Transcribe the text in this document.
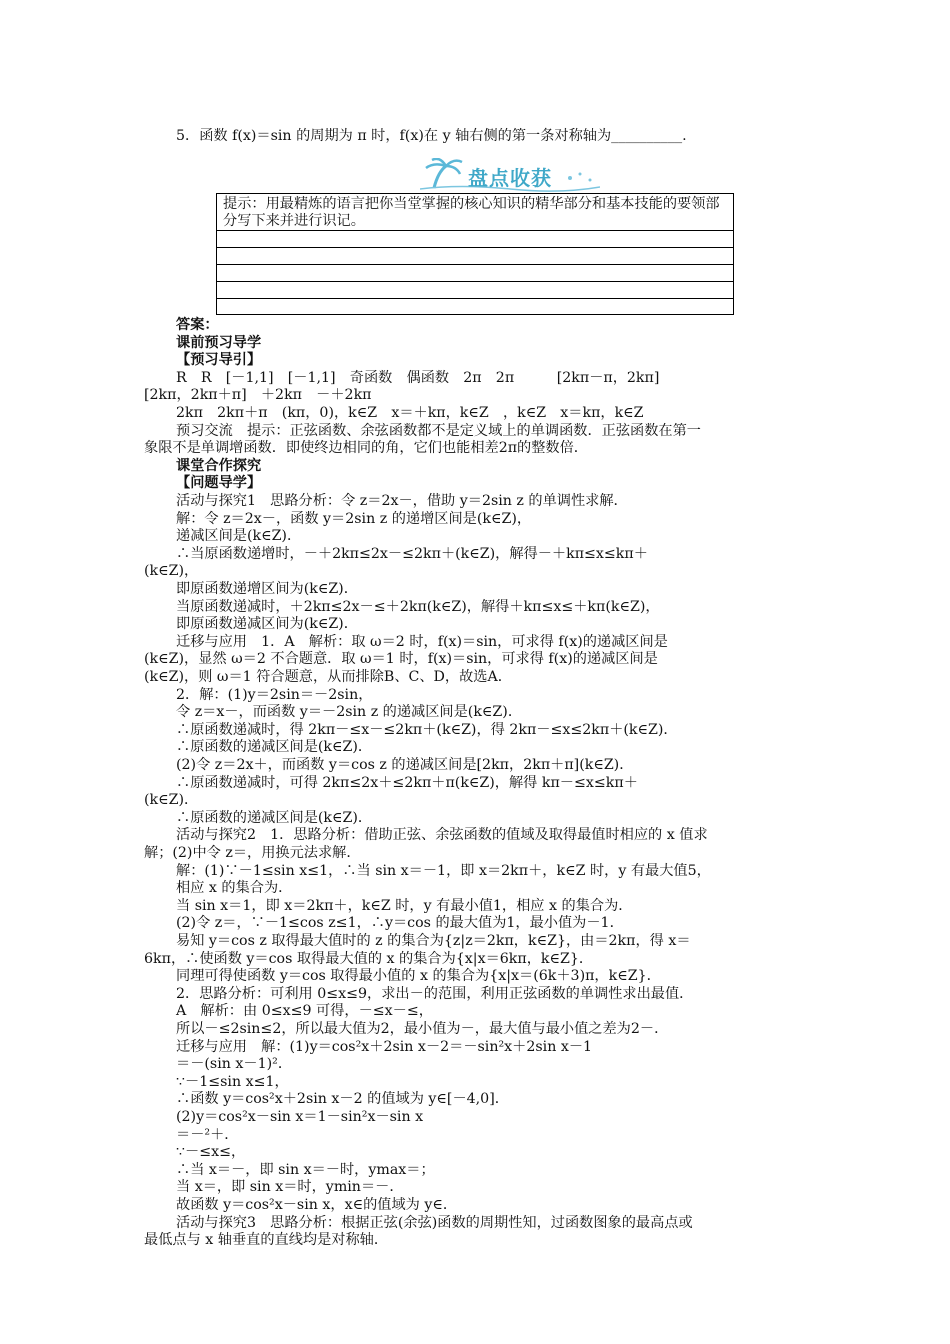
5．函数 f(x)＝sin 的周期为 π 时，f(x)在 y 轴右侧的第一条对称轴为__________.
盘点收获
提示：用最精炼的语言把你当堂掌握的核心知识的精华部分和基本技能的要领部分写下来并进行识记。
答案：
课前预习导学
【预习导引】
R　R　[－1,1]　[－1,1]　奇函数　偶函数　2π　2π　　　[2kπ－π，2kπ]
[2kπ，2kπ＋π]　＋2kπ　－＋2kπ
2kπ　2kπ＋π　(kπ，0)，k∈Z　x＝＋kπ，k∈Z　，k∈Z　x＝kπ，k∈Z
预习交流　提示：正弦函数、余弦函数都不是定义域上的单调函数．正弦函数在第一
象限不是单调增函数．即使终边相同的角，它们也能相差2π的整数倍．
课堂合作探究
【问题导学】
活动与探究1　思路分析：令 z＝2x－，借助 y＝2sin z 的单调性求解．
解：令 z＝2x－，函数 y＝2sin z 的递增区间是(k∈Z)，
递减区间是(k∈Z)．
∴当原函数递增时，－＋2kπ≤2x－≤2kπ＋(k∈Z)，解得－＋kπ≤x≤kπ＋
(k∈Z)，
即原函数递增区间为(k∈Z)．
当原函数递减时，＋2kπ≤2x－≤＋2kπ(k∈Z)，解得＋kπ≤x≤＋kπ(k∈Z)，
即原函数递减区间为(k∈Z)．
迁移与应用　1．A　解析：取 ω＝2 时，f(x)＝sin，可求得 f(x)的递减区间是
(k∈Z)，显然 ω＝2 不合题意．取 ω＝1 时，f(x)＝sin，可求得 f(x)的递减区间是
(k∈Z)，则 ω＝1 符合题意，从而排除B、C、D，故选A．
2．解：(1)y＝2sin＝－2sin，
令 z＝x－，而函数 y＝－2sin z 的递减区间是(k∈Z)．
∴原函数递减时，得 2kπ－≤x－≤2kπ＋(k∈Z)，得 2kπ－≤x≤2kπ＋(k∈Z)．
∴原函数的递减区间是(k∈Z)．
(2)令 z＝2x＋，而函数 y＝cos z 的递减区间是[2kπ，2kπ＋π](k∈Z)．
∴原函数递减时，可得 2kπ≤2x＋≤2kπ＋π(k∈Z)，解得 kπ－≤x≤kπ＋
(k∈Z)．
∴原函数的递减区间是(k∈Z)．
活动与探究2　1．思路分析：借助正弦、余弦函数的值域及取得最值时相应的 x 值求
解；(2)中令 z＝，用换元法求解．
解：(1)∵－1≤sin x≤1，∴当 sin x＝－1，即 x＝2kπ＋，k∈Z 时，y 有最大值5，
相应 x 的集合为．
当 sin x＝1，即 x＝2kπ＋，k∈Z 时，y 有最小值1，相应 x 的集合为．
(2)令 z＝，∵－1≤cos z≤1，∴y＝cos 的最大值为1，最小值为－1．
易知 y＝cos z 取得最大值时的 z 的集合为{z|z＝2kπ，k∈Z}，由＝2kπ，得 x＝
6kπ，∴使函数 y＝cos 取得最大值的 x 的集合为{x|x＝6kπ，k∈Z}．
同理可得使函数 y＝cos 取得最小值的 x 的集合为{x|x＝(6k＋3)π，k∈Z}．
2．思路分析：可利用 0≤x≤9，求出－的范围，利用正弦函数的单调性求出最值．
A　解析：由 0≤x≤9 可得，－≤x－≤，
所以－≤2sin≤2，所以最大值为2，最小值为－，最大值与最小值之差为2－．
迁移与应用　解：(1)y＝cos²x＋2sin x－2＝－sin²x＋2sin x－1
＝－(sin x－1)²．
∵－1≤sin x≤1，
∴函数 y＝cos²x＋2sin x－2 的值域为 y∈[－4,0]．
(2)y＝cos²x－sin x＝1－sin²x－sin x
＝－²＋．
∵－≤x≤，
∴当 x＝－，即 sin x＝－时，ymax＝；
当 x＝，即 sin x＝时，ymin＝－．
故函数 y＝cos²x－sin x，x∈的值域为 y∈．
活动与探究3　思路分析：根据正弦(余弦)函数的周期性知，过函数图象的最高点或
最低点与 x 轴垂直的直线均是对称轴．
